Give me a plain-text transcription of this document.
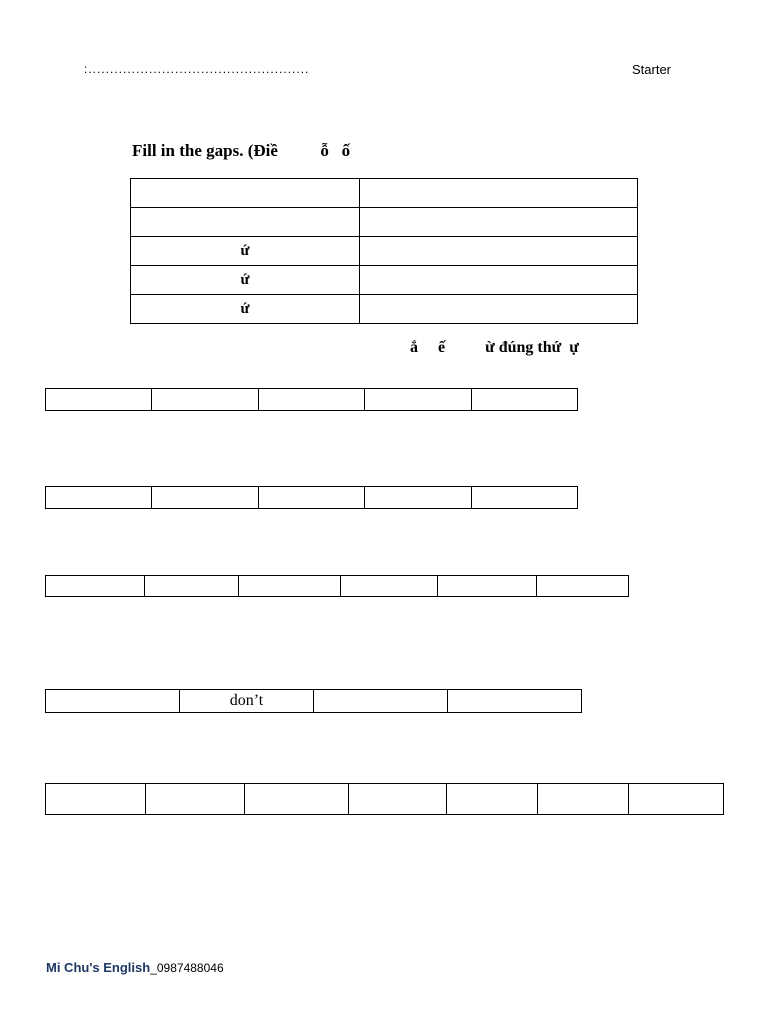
:...................................................	Starter
Fill in the gaps. (Điề          ỗ   ố

ứ	
ứ	
ứ	
ắ     ế          ừ đúng thứ  ự

	don’t		

Mi Chu's English_0987488046
